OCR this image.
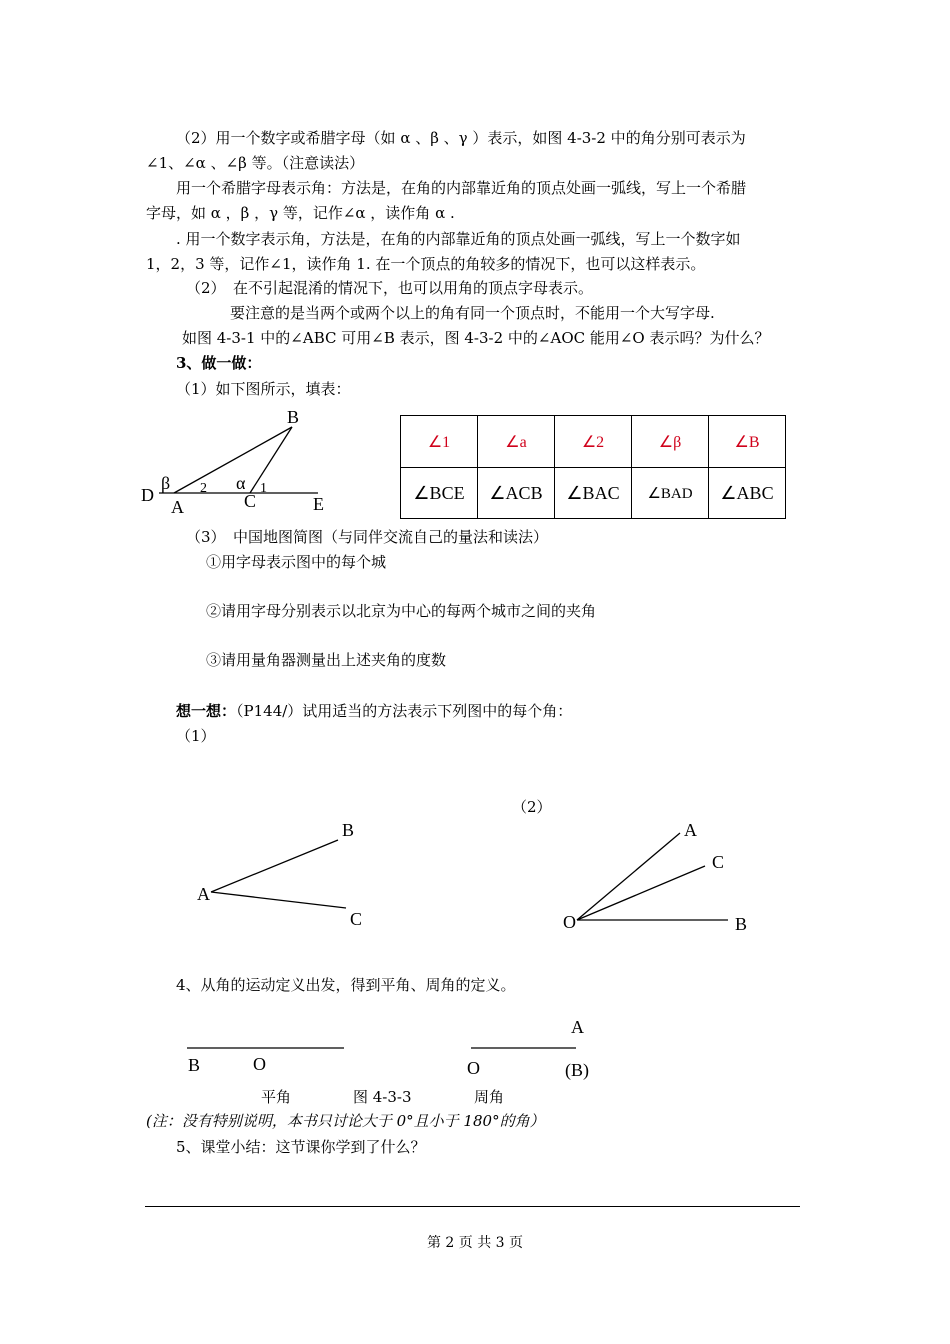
（2）用一个数字或希腊字母（如 α 、β 、γ ）表示，如图 4-3-2 中的角分别可表示为
∠1、∠α 、∠β 等。（注意读法）
用一个希腊字母表示角：方法是，在角的内部靠近角的顶点处画一弧线，写上一个希腊
字母，如 α ，β ，γ 等，记作∠α ，读作角 α .
. 用一个数字表示角，方法是，在角的内部靠近角的顶点处画一弧线，写上一个数字如
1，2，3 等，记作∠1，读作角 1. 在一个顶点的角较多的情况下，也可以这样表示。
（2）　在不引起混淆的情况下，也可以用角的顶点字母表示。
要注意的是当两个或两个以上的角有同一个顶点时，不能用一个大写字母.
如图 4-3-1 中的∠ABC 可用∠B 表示，图 4-3-2 中的∠AOC 能用∠O 表示吗？为什么？
3、做一做：
（1）如下图所示，填表：
B
β 2 α 1
D	C	E
A
∠1	∠a	∠2	∠β	∠B
∠BCE	∠ACB	∠BAC	∠BAD	∠ABC
（3）　中国地图简图（与同伴交流自己的量法和读法）
①用字母表示图中的每个城
②请用字母分别表示以北京为中心的每两个城市之间的夹角
③请用量角器测量出上述夹角的度数
想一想：（P144/）试用适当的方法表示下列图中的每个角：
（1）
（2）
B
A
C
A
C
O	B
4、从角的运动定义出发，得到平角、周角的定义。
B	O
A
O	(B)
平角	图 4-3-3	周角
(注：没有特别说明，本书只讨论大于 0°且小于 180°的角）
5、课堂小结：这节课你学到了什么？
第 2 页 共 3 页
